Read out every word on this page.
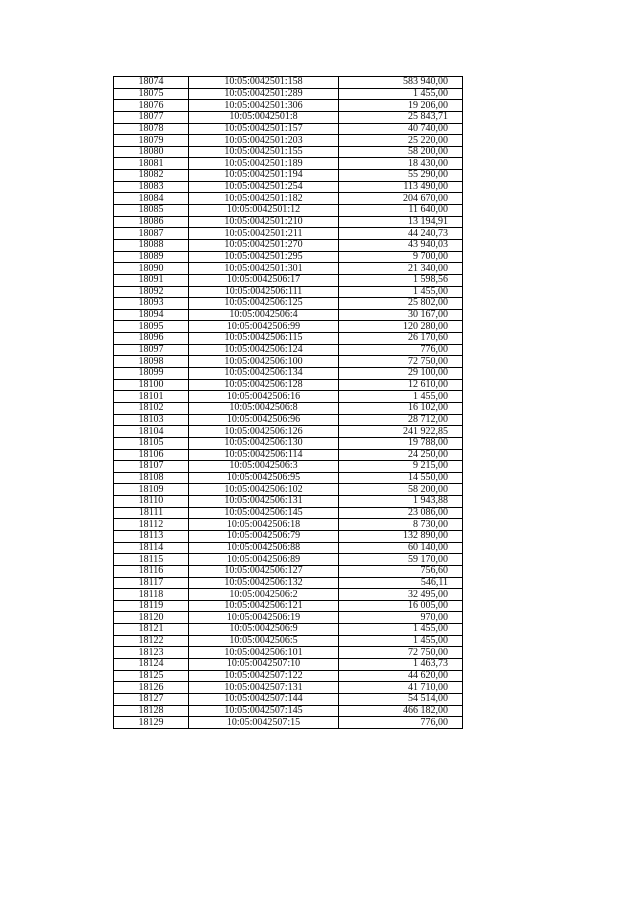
18074	10:05:0042501:158	583 940,00
18075	10:05:0042501:289	1 455,00
18076	10:05:0042501:306	19 206,00
18077	10:05:0042501:8	25 843,71
18078	10:05:0042501:157	40 740,00
18079	10:05:0042501:203	25 220,00
18080	10:05:0042501:155	58 200,00
18081	10:05:0042501:189	18 430,00
18082	10:05:0042501:194	55 290,00
18083	10:05:0042501:254	113 490,00
18084	10:05:0042501:182	204 670,00
18085	10:05:0042501:12	11 640,00
18086	10:05:0042501:210	13 194,91
18087	10:05:0042501:211	44 240,73
18088	10:05:0042501:270	43 940,03
18089	10:05:0042501:295	9 700,00
18090	10:05:0042501:301	21 340,00
18091	10:05:0042506:17	1 598,56
18092	10:05:0042506:111	1 455,00
18093	10:05:0042506:125	25 802,00
18094	10:05:0042506:4	30 167,00
18095	10:05:0042506:99	120 280,00
18096	10:05:0042506:115	26 170,60
18097	10:05:0042506:124	776,00
18098	10:05:0042506:100	72 750,00
18099	10:05:0042506:134	29 100,00
18100	10:05:0042506:128	12 610,00
18101	10:05:0042506:16	1 455,00
18102	10:05:0042506:8	16 102,00
18103	10:05:0042506:96	28 712,00
18104	10:05:0042506:126	241 922,85
18105	10:05:0042506:130	19 788,00
18106	10:05:0042506:114	24 250,00
18107	10:05:0042506:3	9 215,00
18108	10:05:0042506:95	14 550,00
18109	10:05:0042506:102	58 200,00
18110	10:05:0042506:131	1 943,88
18111	10:05:0042506:145	23 086,00
18112	10:05:0042506:18	8 730,00
18113	10:05:0042506:79	132 890,00
18114	10:05:0042506:88	60 140,00
18115	10:05:0042506:89	59 170,00
18116	10:05:0042506:127	756,60
18117	10:05:0042506:132	546,11
18118	10:05:0042506:2	32 495,00
18119	10:05:0042506:121	16 005,00
18120	10:05:0042506:19	970,00
18121	10:05:0042506:9	1 455,00
18122	10:05:0042506:5	1 455,00
18123	10:05:0042506:101	72 750,00
18124	10:05:0042507:10	1 463,73
18125	10:05:0042507:122	44 620,00
18126	10:05:0042507:131	41 710,00
18127	10:05:0042507:144	54 514,00
18128	10:05:0042507:145	466 182,00
18129	10:05:0042507:15	776,00
